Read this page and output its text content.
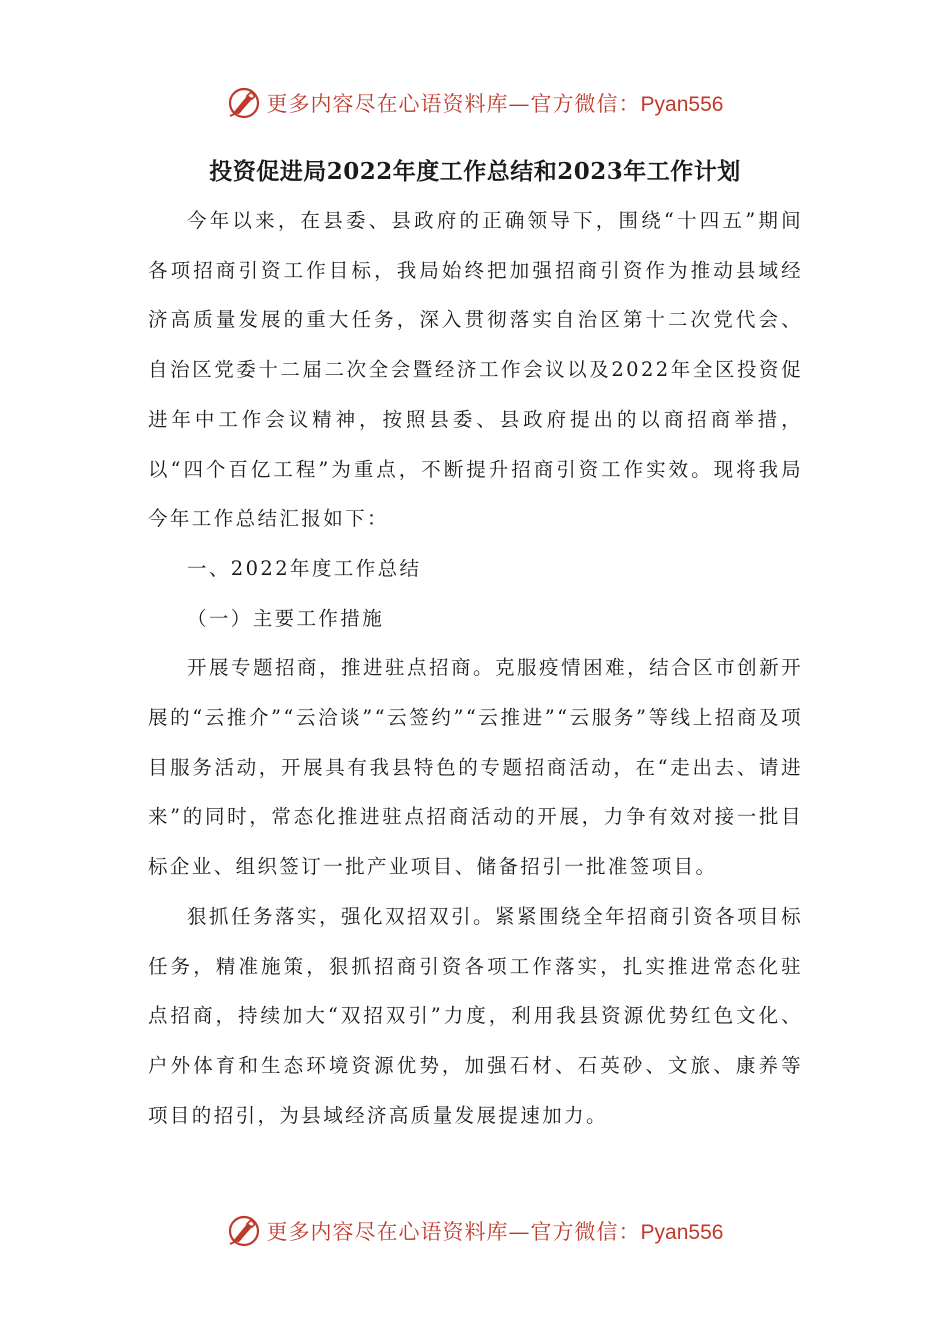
更多内容尽在心语资料库—官方微信：Pyan556
投资促进局2022年度工作总结和2023年工作计划

今年以来，在县委、县政府的正确领导下，围绕“十四五”期间各项招商引资工作目标，我局始终把加强招商引资作为推动县域经济高质量发展的重大任务，深入贯彻落实自治区第十二次党代会、自治区党委十二届二次全会暨经济工作会议以及2022年全区投资促进年中工作会议精神，按照县委、县政府提出的以商招商举措，以“四个百亿工程”为重点，不断提升招商引资工作实效。现将我局今年工作总结汇报如下：

一、2022年度工作总结

（一）主要工作措施

开展专题招商，推进驻点招商。克服疫情困难，结合区市创新开展的“云推介”“云洽谈”“云签约”“云推进”“云服务”等线上招商及项目服务活动，开展具有我县特色的专题招商活动，在“走出去、请进来”的同时，常态化推进驻点招商活动的开展，力争有效对接一批目标企业、组织签订一批产业项目、储备招引一批准签项目。

狠抓任务落实，强化双招双引。紧紧围绕全年招商引资各项目标任务，精准施策，狠抓招商引资各项工作落实，扎实推进常态化驻点招商，持续加大“双招双引”力度，利用我县资源优势红色文化、户外体育和生态环境资源优势，加强石材、石英砂、文旅、康养等项目的招引，为县域经济高质量发展提速加力。

更多内容尽在心语资料库—官方微信：Pyan556
